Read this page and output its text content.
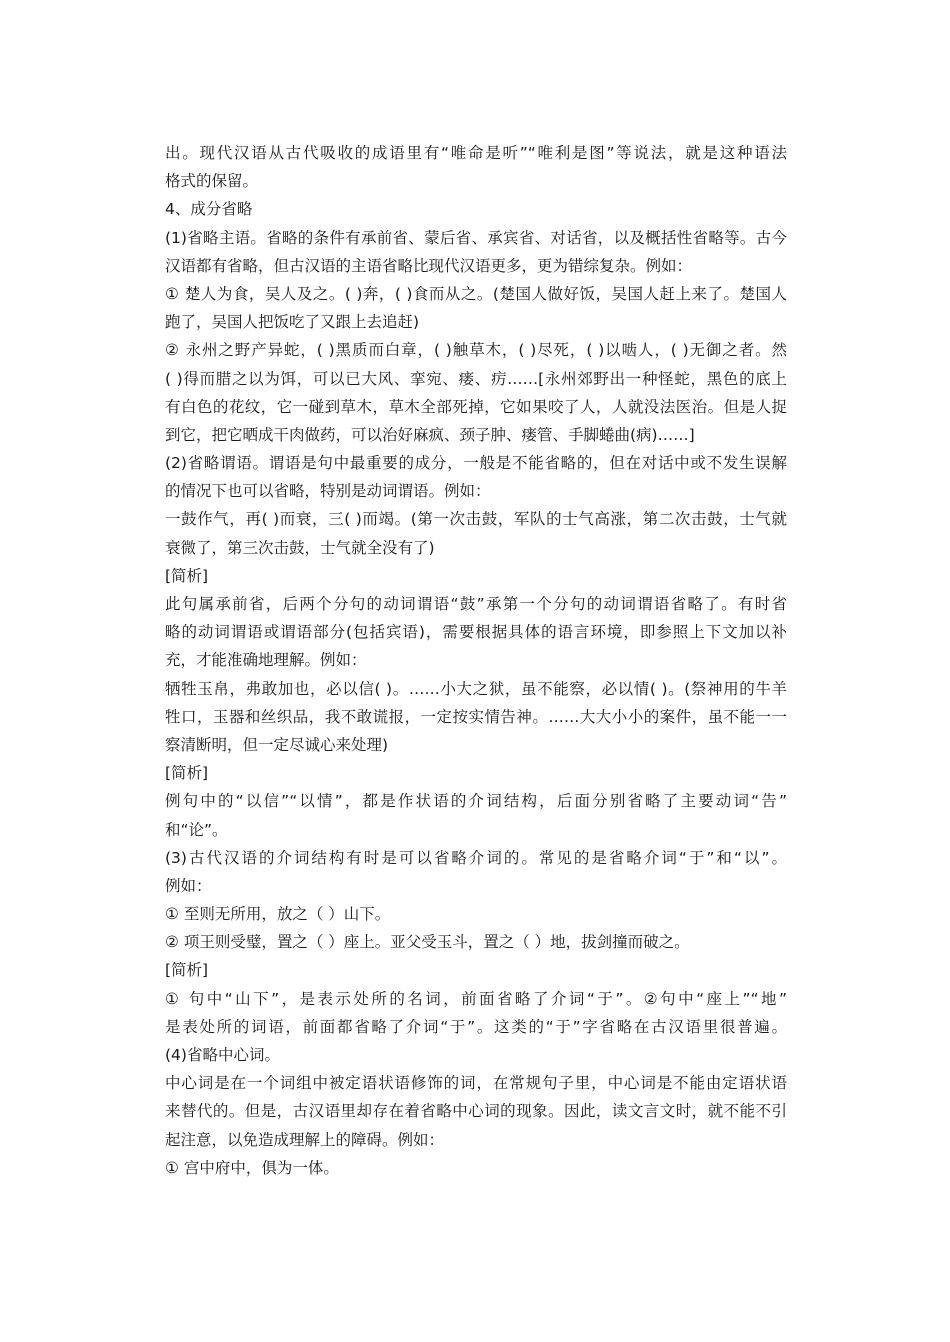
出。现代汉语从古代吸收的成语里有“唯命是听”“唯利是图”等说法，就是这种语法
格式的保留。
4、成分省略
(1)省略主语。省略的条件有承前省、蒙后省、承宾省、对话省，以及概括性省略等。古今
汉语都有省略，但古汉语的主语省略比现代汉语更多，更为错综复杂。例如：
① 楚人为食，吴人及之。( )奔，( )食而从之。(楚国人做好饭，吴国人赶上来了。楚国人
跑了，吴国人把饭吃了又跟上去追赶)
② 永州之野产异蛇，( )黑质而白章，( )触草木，( )尽死，( )以啮人，( )无御之者。然
( )得而腊之以为饵，可以已大风、挛宛、瘘、疠……[永州郊野出一种怪蛇，黑色的底上
有白色的花纹，它一碰到草木，草木全部死掉，它如果咬了人，人就没法医治。但是人捉
到它，把它晒成干肉做药，可以治好麻疯、颈子肿、瘘管、手脚蜷曲(病)……]
(2)省略谓语。谓语是句中最重要的成分，一般是不能省略的，但在对话中或不发生误解
的情况下也可以省略，特别是动词谓语。例如：
一鼓作气，再( )而衰，三( )而竭。(第一次击鼓，军队的士气高涨，第二次击鼓，士气就
衰微了，第三次击鼓，士气就全没有了)
[简析]
此句属承前省，后两个分句的动词谓语“鼓”承第一个分句的动词谓语省略了。有时省
略的动词谓语或谓语部分(包括宾语)，需要根据具体的语言环境，即参照上下文加以补
充，才能准确地理解。例如：
牺牲玉帛，弗敢加也，必以信( )。……小大之狱，虽不能察，必以情( )。(祭神用的牛羊
牲口，玉器和丝织品，我不敢谎报，一定按实情告神。……大大小小的案件，虽不能一一
察清断明，但一定尽诚心来处理)
[简析]
例句中的“以信”“以情”，都是作状语的介词结构，后面分别省略了主要动词“告”
和“论”。
(3)古代汉语的介词结构有时是可以省略介词的。常见的是省略介词“于”和“以”。
例如：
① 至则无所用，放之（ ）山下。
② 项王则受璧，置之（ ）座上。亚父受玉斗，置之（ ）地，拔剑撞而破之。
[简析]
① 句中“山下”，是表示处所的名词，前面省略了介词“于”。②句中“座上”“地”
是表处所的词语，前面都省略了介词“于”。这类的“于”字省略在古汉语里很普遍。
(4)省略中心词。
中心词是在一个词组中被定语状语修饰的词，在常规句子里，中心词是不能由定语状语
来替代的。但是，古汉语里却存在着省略中心词的现象。因此，读文言文时，就不能不引
起注意，以免造成理解上的障碍。例如：
① 宫中府中，俱为一体。
